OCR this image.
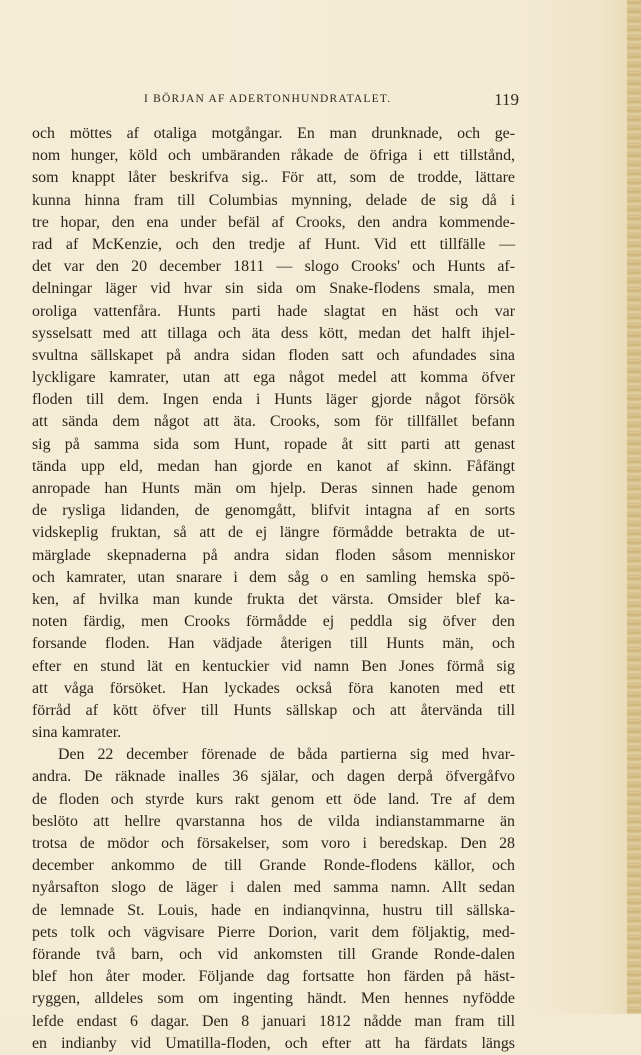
I BÖRJAN AF ADERTONHUNDRATALET.	119
och möttes af otaliga motgångar. En man drunknade, och ge-
nom hunger, köld och umbäranden råkade de öfriga i ett tillstånd,
som knappt låter beskrifva sig.. För att, som de trodde, lättare
kunna hinna fram till Columbias mynning, delade de sig då i
tre hopar, den ena under befäl af Crooks, den andra kommende-
rad af McKenzie, och den tredje af Hunt. Vid ett tillfälle —
det var den 20 december 1811 — slogo Crooks' och Hunts af-
delningar läger vid hvar sin sida om Snake-flodens smala, men
oroliga vattenfåra. Hunts parti hade slagtat en häst och var
sysselsatt med att tillaga och äta dess kött, medan det halft ihjel-
svultna sällskapet på andra sidan floden satt och afundades sina
lyckligare kamrater, utan att ega något medel att komma öfver
floden till dem. Ingen enda i Hunts läger gjorde något försök
att sända dem något att äta. Crooks, som för tillfället befann
sig på samma sida som Hunt, ropade åt sitt parti att genast
tända upp eld, medan han gjorde en kanot af skinn. Fåfängt
anropade han Hunts män om hjelp. Deras sinnen hade genom
de rysliga lidanden, de genomgått, blifvit intagna af en sorts
vidskeplig fruktan, så att de ej längre förmådde betrakta de ut-
märglade skepnaderna på andra sidan floden såsom menniskor
och kamrater, utan snarare i dem såg o en samling hemska spö-
ken, af hvilka man kunde frukta det värsta. Omsider blef ka-
noten färdig, men Crooks förmådde ej peddla sig öfver den
forsande floden. Han vädjade återigen till Hunts män, och
efter en stund lät en kentuckier vid namn Ben Jones förmå sig
att våga försöket. Han lyckades också föra kanoten med ett
förråd af kött öfver till Hunts sällskap och att återvända till
sina kamrater.
Den 22 december förenade de båda partierna sig med hvar-
andra. De räknade inalles 36 själar, och dagen derpå öfvergåfvo
de floden och styrde kurs rakt genom ett öde land. Tre af dem
beslöto att hellre qvarstanna hos de vilda indianstammarne än
trotsa de mödor och försakelser, som voro i beredskap. Den 28
december ankommo de till Grande Ronde-flodens källor, och
nyårsafton slogo de läger i dalen med samma namn. Allt sedan
de lemnade St. Louis, hade en indianqvinna, hustru till sällska-
pets tolk och vägvisare Pierre Dorion, varit dem följaktig, med-
förande två barn, och vid ankomsten till Grande Ronde-dalen
blef hon åter moder. Följande dag fortsatte hon färden på häst-
ryggen, alldeles som om ingenting händt. Men hennes nyfödde
lefde endast 6 dagar. Den 8 januari 1812 nådde man fram till
en indianby vid Umatilla-floden, och efter att ha färdats längs
